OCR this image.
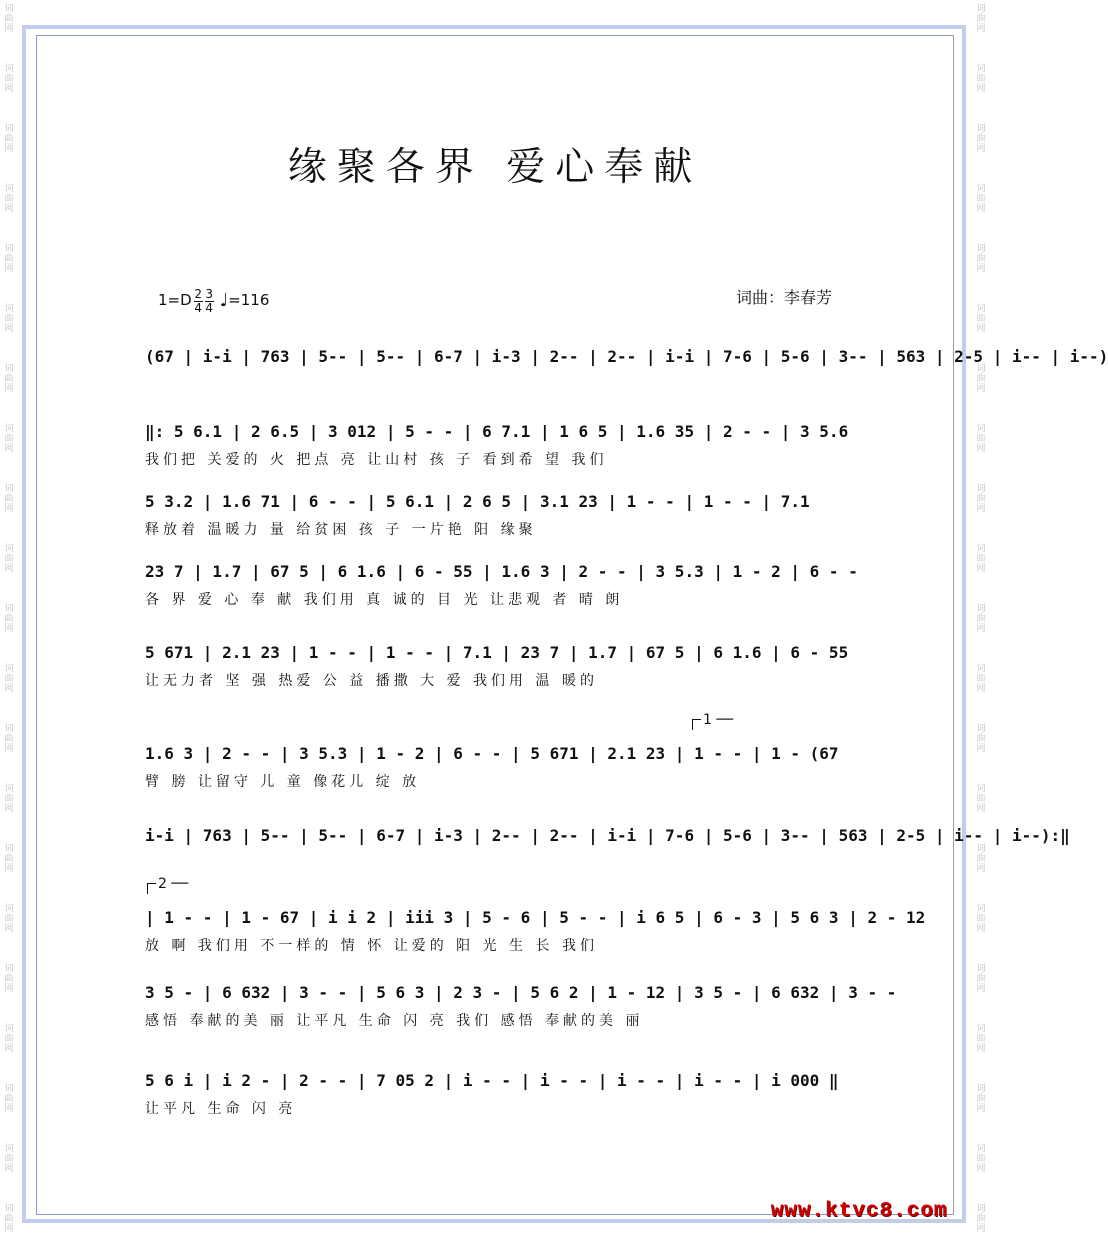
词曲网
词曲网
词曲网
词曲网
词曲网
词曲网
词曲网
词曲网
词曲网
词曲网
词曲网
词曲网
词曲网
词曲网
词曲网
词曲网
词曲网
词曲网
词曲网
词曲网
词曲网
词曲网
词曲网
词曲网
词曲网
词曲网
词曲网
词曲网
词曲网
词曲网
词曲网
词曲网
词曲网
词曲网
词曲网
词曲网
词曲网
词曲网
词曲网
词曲网
词曲网
词曲网
缘聚各界 爱心奉献
1=D 2
4
3
4 ♩ =116	词曲：李春芳
(67 | i-i | 763 | 5-- | 5-- | 6-7 | i-3 | 2-- | 2-- | i-i | 7-6 | 5-6 | 3-- | 563 | 2-5 | i-- | i--)
‖: 5 6.1 | 2 6.5 | 3 012 | 5 - - | 6 7.1 | 1 6 5 | 1.6 35 | 2 - - | 3 5.6
我们把 关爱的 火 把点 亮 让山村 孩 子 看到希 望 我们
5 3.2 | 1.6 71 | 6 - - | 5 6.1 | 2 6 5 | 3.1 23 | 1 - - | 1 - - | 7.1
释放着 温暖力 量 给贫困 孩 子 一片艳 阳 缘聚
23 7 | 1.7 | 67 5 | 6 1.6 | 6 - 55 | 1.6 3 | 2 - - | 3 5.3 | 1 - 2 | 6 - -
各 界 爱 心 奉 献 我们用 真 诚的 目 光 让悲观 者 晴 朗
5 671 | 2.1 23 | 1 - - | 1 - - | 7.1 | 23 7 | 1.7 | 67 5 | 6 1.6 | 6 - 55
让无力者 坚 强 热爱 公 益 播撒 大 爱 我们用 温 暖的
1 ──
1.6 3 | 2 - - | 3 5.3 | 1 - 2 | 6 - - | 5 671 | 2.1 23 | 1 - - | 1 - (67
臂 膀 让留守 儿 童 像花儿 绽 放
i-i | 763 | 5-- | 5-- | 6-7 | i-3 | 2-- | 2-- | i-i | 7-6 | 5-6 | 3-- | 563 | 2-5 | i-- | i--):‖
2 ──
| 1 - - | 1 - 67 | i i 2 | iii 3 | 5 - 6 | 5 - - | i 6 5 | 6 - 3 | 5 6 3 | 2 - 12
放 啊 我们用 不一样的 情 怀 让爱的 阳 光 生 长 我们
3 5 - | 6 632 | 3 - - | 5 6 3 | 2 3 - | 5 6 2 | 1 - 12 | 3 5 - | 6 632 | 3 - -
感悟 奉献的美 丽 让平凡 生命 闪 亮 我们 感悟 奉献的美 丽
5 6 i | i 2 - | 2 - - | 7 05 2 | i - - | i - - | i - - | i - - | i 000 ‖
让平凡 生命 闪 亮
www.ktvc8.com
